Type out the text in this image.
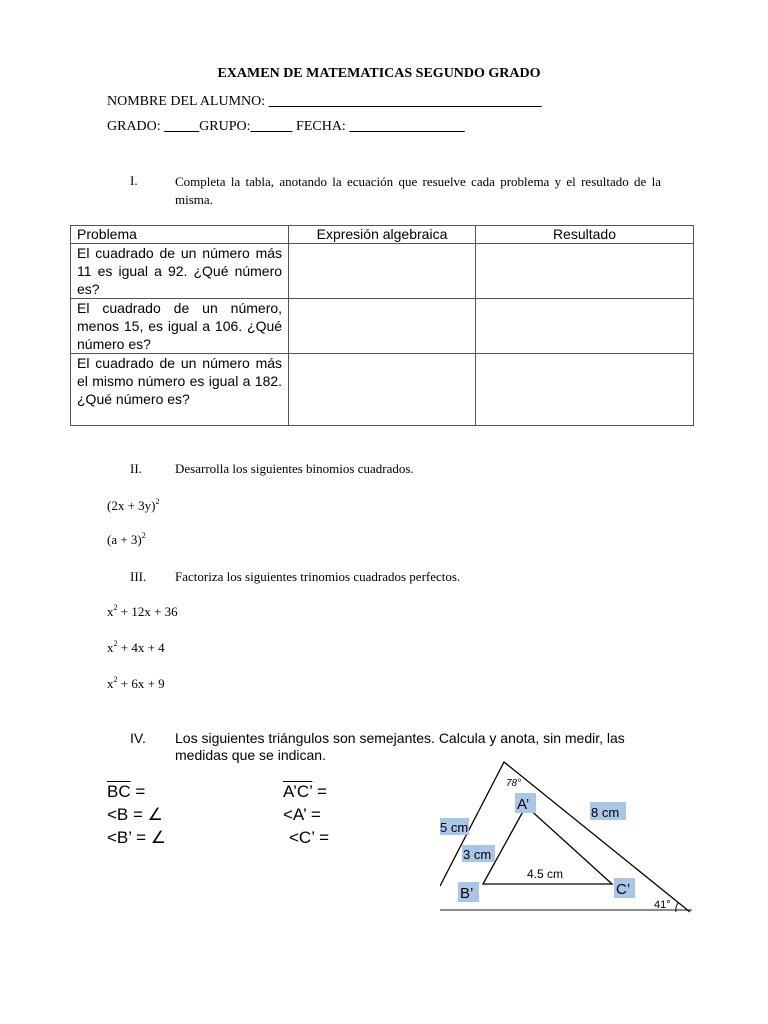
EXAMEN DE MATEMATICAS SEGUNDO GRADO
NOMBRE DEL ALUMNO:
GRADO:	GRUPO:	FECHA:
I.	Completa la tabla, anotando la ecuación que resuelve cada problema y el resultado de la misma.
Problema	Expresión algebraica	Resultado
El cuadrado de un número más 11 es igual a 92. ¿Qué número es?		
El cuadrado de un número, menos 15, es igual a 106. ¿Qué número es?		
El cuadrado de un número más el mismo número es igual a 182. ¿Qué número es?		
II.	Desarrolla los siguientes binomios cuadrados.
$(2x + 3y)^2$
$(a + 3)^2$
III. Factoriza los siguientes trinomios cuadrados perfectos.
$x^2 + 12x + 36$
$x^2 + 4x + 4$
$x^2 + 6x + 9$
IV. Los siguientes triángulos son semejantes. Calcula y anota, sin medir, las medidas que se indican.
$\overline{BC}$ =
<B = ∠
<B’ = ∠
A’C’ =
<A’ =
<C’ =
78°
41°
5 cm
8 cm
3 cm
4.5 cm
A’
B’	C’
